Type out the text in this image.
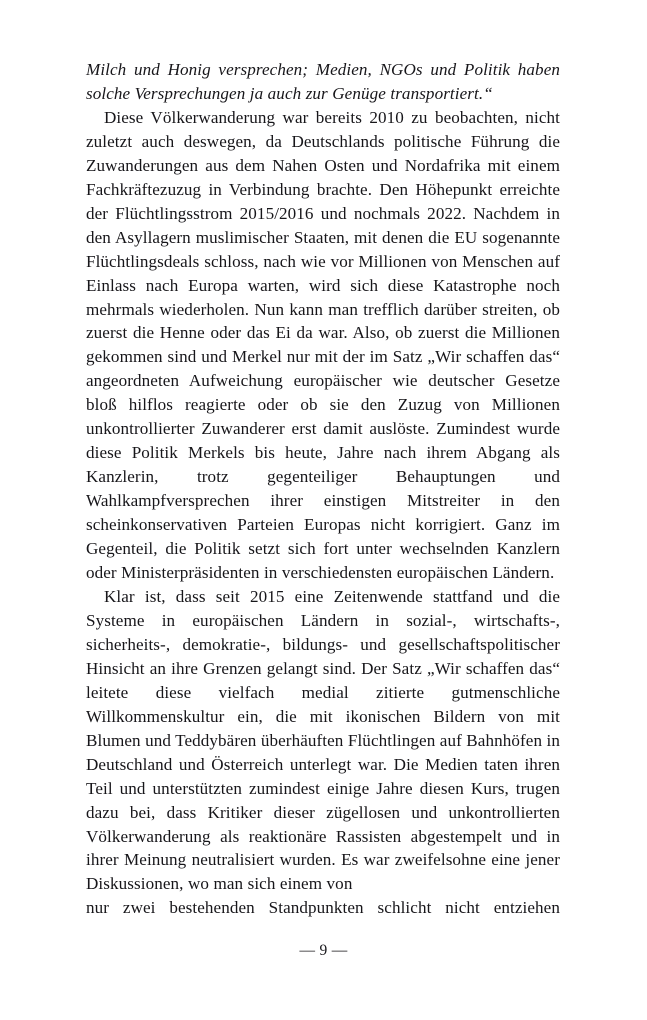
Milch und Honig versprechen; Medien, NGOs und Politik haben solche Versprechungen ja auch zur Genüge transportiert.“

Diese Völkerwanderung war bereits 2010 zu beobachten, nicht zuletzt auch deswegen, da Deutschlands politische Führung die Zuwanderungen aus dem Nahen Osten und Nordafrika mit einem Fachkräftezuzug in Verbindung brachte. Den Höhepunkt erreichte der Flüchtlingsstrom 2015/2016 und nochmals 2022. Nachdem in den Asyllagern muslimischer Staaten, mit denen die EU sogenannte Flüchtlingsdeals schloss, nach wie vor Millionen von Menschen auf Einlass nach Europa warten, wird sich diese Katastrophe noch mehrmals wiederholen. Nun kann man trefflich darüber streiten, ob zuerst die Henne oder das Ei da war. Also, ob zuerst die Millionen gekommen sind und Merkel nur mit der im Satz „Wir schaffen das“ angeordneten Aufweichung europäischer wie deutscher Gesetze bloß hilflos reagierte oder ob sie den Zuzug von Millionen unkontrollierter Zuwanderer erst damit auslöste. Zumindest wurde diese Politik Merkels bis heute, Jahre nach ihrem Abgang als Kanzlerin, trotz gegenteiliger Behauptungen und Wahlkampfversprechen ihrer einstigen Mitstreiter in den scheinkonservativen Parteien Europas nicht korrigiert. Ganz im Gegenteil, die Politik setzt sich fort unter wechselnden Kanzlern oder Ministerpräsidenten in verschiedensten europäischen Ländern.

Klar ist, dass seit 2015 eine Zeitenwende stattfand und die Systeme in europäischen Ländern in sozial-, wirtschafts-, sicherheits-, demokratie-, bildungs- und gesellschaftspolitischer Hinsicht an ihre Grenzen gelangt sind. Der Satz „Wir schaffen das“ leitete diese vielfach medial zitierte gutmenschliche Willkommenskultur ein, die mit ikonischen Bildern von mit Blumen und Teddybären überhäuften Flüchtlingen auf Bahnhöfen in Deutschland und Österreich unterlegt war. Die Medien taten ihren Teil und unterstützten zumindest einige Jahre diesen Kurs, trugen dazu bei, dass Kritiker dieser zügellosen und unkontrollierten Völkerwanderung als reaktionäre Rassisten abgestempelt und in ihrer Meinung neutralisiert wurden. Es war zweifelsohne eine jener Diskussionen, wo man sich einem von

nur zwei bestehenden Standpunkten schlicht nicht entziehen

— 9 —
